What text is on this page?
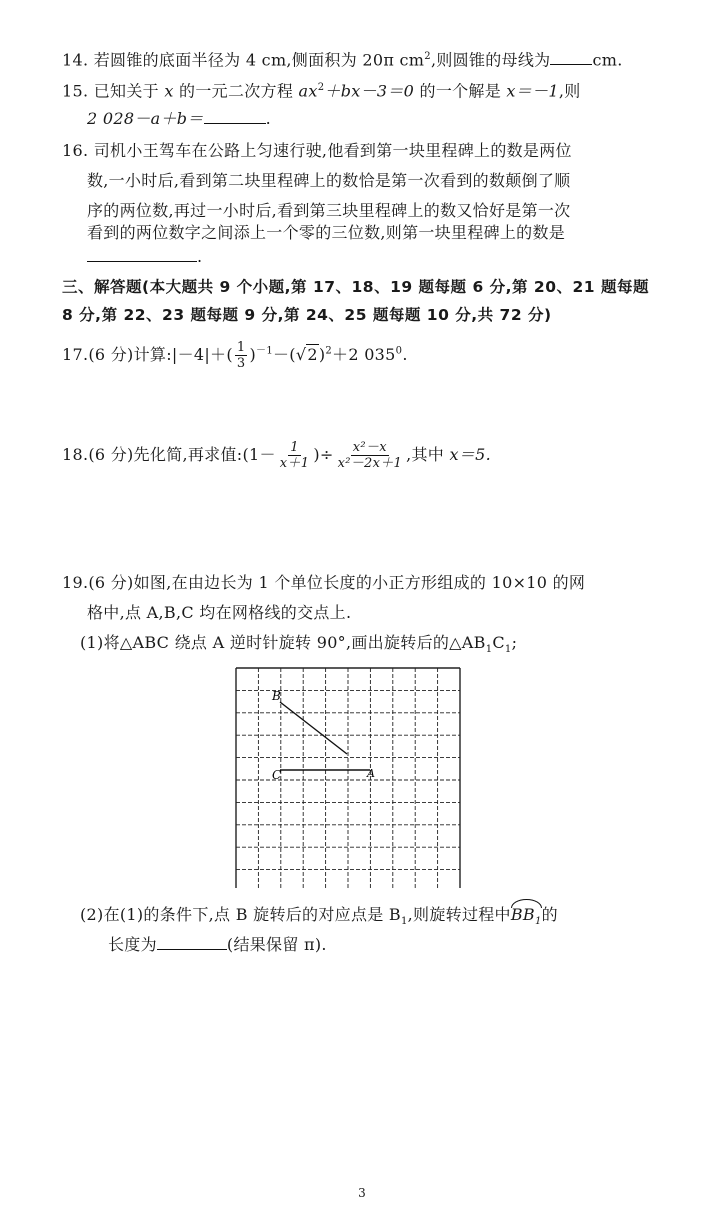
14. 若圆锥的底面半径为 4 cm,侧面积为 20π $cm^2$,则圆锥的母线为	cm.
15. 已知关于 x 的一元二次方程 $ax^2+bx-3=0$ 的一个解是 x＝－1,则
2 028－a＋b＝	.
16. 司机小王驾车在公路上匀速行驶,他看到第一块里程碑上的数是两位
数,一小时后,看到第二块里程碑上的数恰是第一次看到的数颠倒了顺
序的两位数,再过一小时后,看到第三块里程碑上的数又恰好是第一次
看到的两位数字之间添上一个零的三位数,则第一块里程碑上的数是
.
三、解答题(本大题共 9 个小题,第 17、18、19 题每题 6 分,第 20、21 题每题
8 分,第 22、23 题每题 9 分,第 24、25 题每题 10 分,共 72 分)
17.(6 分)计算:|－4|＋( $\frac{1}{3} )^{-1}-(√2)^2+2$ $035^0$.
18.(6 分)先化简,再求值:(1－ $\frac{1}{x+1}$ )÷ $\frac{\text{x²－x}}{\text{x²－2x＋1}}$ ,其中 x＝5.
19.(6 分)如图,在由边长为 1 个单位长度的小正方形组成的 10×10 的网
格中,点 A,B,C 均在网格线的交点上.
(1)将△ABC 绕点 A 逆时针旋转 90°,画出旋转后的$\triangle AB_1C_1$;
B
C	A
(2)在(1)的条件下,点 B 旋转后的对应点是 $B_1$,则旋转过程中$BB_1$的
长度为	(结果保留 π).
3
